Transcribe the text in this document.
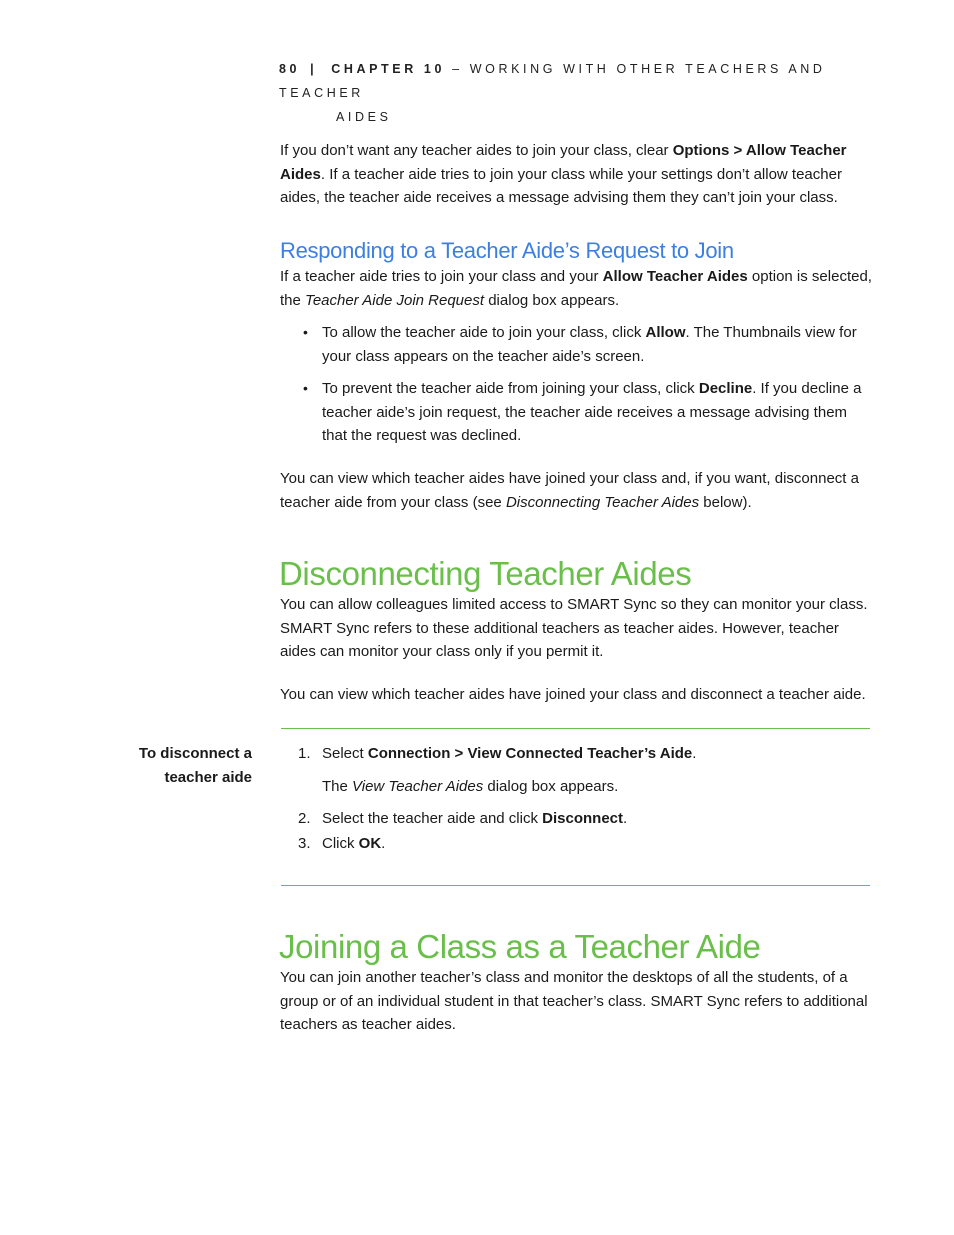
80 | CHAPTER 10 – WORKING WITH OTHER TEACHERS AND TEACHER
AIDES

If you don’t want any teacher aides to join your class, clear Options > Allow Teacher Aides. If a teacher aide tries to join your class while your settings don’t allow teacher aides, the teacher aide receives a message advising them they can’t join your class.

Responding to a Teacher Aide’s Request to Join

If a teacher aide tries to join your class and your Allow Teacher Aides option is selected, the Teacher Aide Join Request dialog box appears.

• To allow the teacher aide to join your class, click Allow. The Thumbnails view for your class appears on the teacher aide’s screen.
• To prevent the teacher aide from joining your class, click Decline. If you decline a teacher aide’s join request, the teacher aide receives a message advising them that the request was declined.

You can view which teacher aides have joined your class and, if you want, disconnect a teacher aide from your class (see Disconnecting Teacher Aides below).

Disconnecting Teacher Aides

You can allow colleagues limited access to SMART Sync so they can monitor your class. SMART Sync refers to these additional teachers as teacher aides. However, teacher aides can monitor your class only if you permit it.

You can view which teacher aides have joined your class and disconnect a teacher aide.

To disconnect a teacher aide
1. Select Connection > View Connected Teacher’s Aide.
The View Teacher Aides dialog box appears.
2. Select the teacher aide and click Disconnect.
3. Click OK.
Joining a Class as a Teacher Aide

You can join another teacher’s class and monitor the desktops of all the students, of a group or of an individual student in that teacher’s class. SMART Sync refers to additional teachers as teacher aides.
